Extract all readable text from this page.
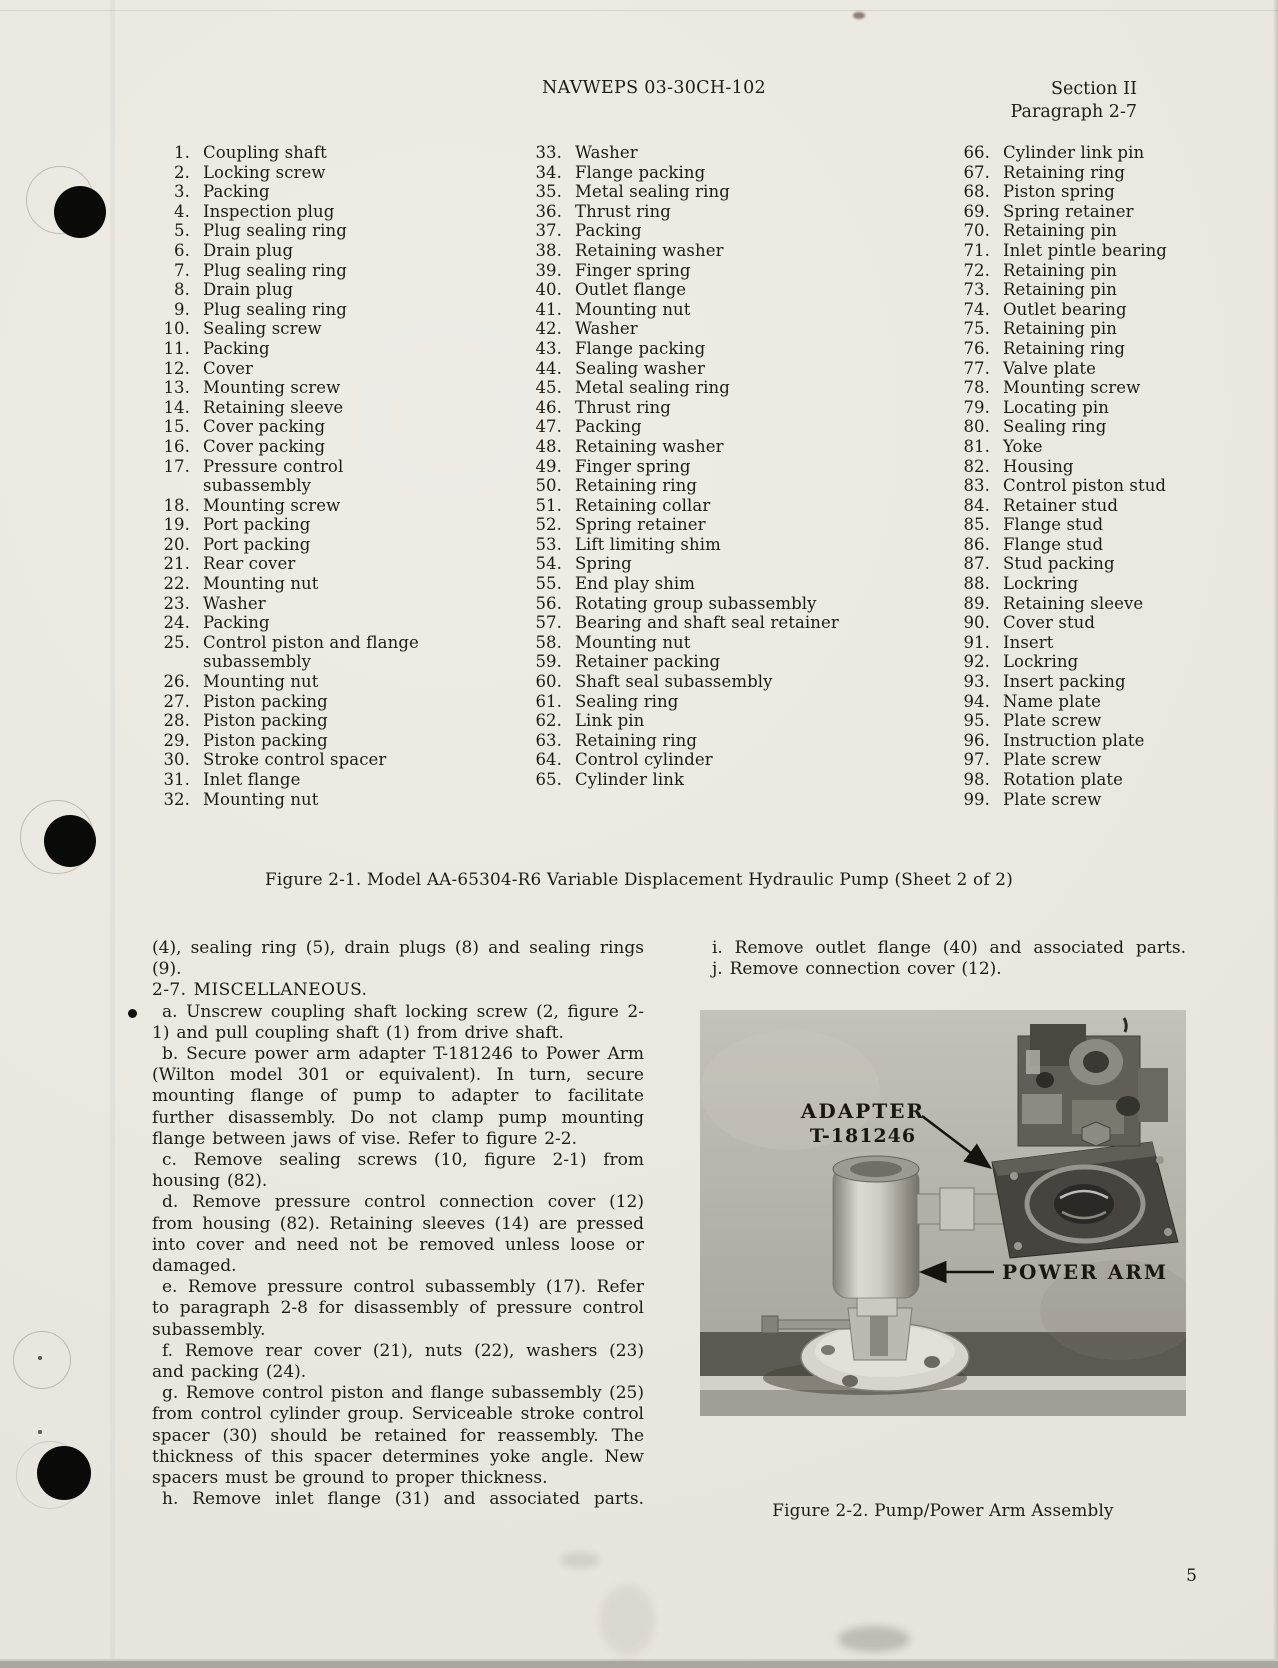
NAVWEPS 03-30CH-102	Section II
Paragraph 2-7
1. Coupling shaft
2. Locking screw
3. Packing
4. Inspection plug
5. Plug sealing ring
6. Drain plug
7. Plug sealing ring
8. Drain plug
9. Plug sealing ring
10. Sealing screw
11. Packing
12. Cover
13. Mounting screw
14. Retaining sleeve
15. Cover packing
16. Cover packing
17. Pressure control
subassembly
18. Mounting screw
19. Port packing
20. Port packing
21. Rear cover
22. Mounting nut
23. Washer
24. Packing
25. Control piston and flange
subassembly
26. Mounting nut
27. Piston packing
28. Piston packing
29. Piston packing
30. Stroke control spacer
31. Inlet flange
32. Mounting nut
33. Washer
34. Flange packing
35. Metal sealing ring
36. Thrust ring
37. Packing
38. Retaining washer
39. Finger spring
40. Outlet flange
41. Mounting nut
42. Washer
43. Flange packing
44. Sealing washer
45. Metal sealing ring
46. Thrust ring
47. Packing
48. Retaining washer
49. Finger spring
50. Retaining ring
51. Retaining collar
52. Spring retainer
53. Lift limiting shim
54. Spring
55. End play shim
56. Rotating group subassembly
57. Bearing and shaft seal retainer
58. Mounting nut
59. Retainer packing
60. Shaft seal subassembly
61. Sealing ring
62. Link pin
63. Retaining ring
64. Control cylinder
65. Cylinder link
66. Cylinder link pin
67. Retaining ring
68. Piston spring
69. Spring retainer
70. Retaining pin
71. Inlet pintle bearing
72. Retaining pin
73. Retaining pin
74. Outlet bearing
75. Retaining pin
76. Retaining ring
77. Valve plate
78. Mounting screw
79. Locating pin
80. Sealing ring
81. Yoke
82. Housing
83. Control piston stud
84. Retainer stud
85. Flange stud
86. Flange stud
87. Stud packing
88. Lockring
89. Retaining sleeve
90. Cover stud
91. Insert
92. Lockring
93. Insert packing
94. Name plate
95. Plate screw
96. Instruction plate
97. Plate screw
98. Rotation plate
99. Plate screw
Figure 2-1. Model AA-65304-R6 Variable Displacement Hydraulic Pump (Sheet 2 of 2)

(4), sealing ring (5), drain plugs (8) and sealing rings (9).

2-7. MISCELLANEOUS.

a. Unscrew coupling shaft locking screw (2, figure 2-1) and pull coupling shaft (1) from drive shaft.

b. Secure power arm adapter T-181246 to Power Arm (Wilton model 301 or equivalent). In turn, secure mounting flange of pump to adapter to facilitate further disassembly. Do not clamp pump mounting flange between jaws of vise. Refer to figure 2-2.

c. Remove sealing screws (10, figure 2-1) from housing (82).

d. Remove pressure control connection cover (12) from housing (82). Retaining sleeves (14) are pressed into cover and need not be removed unless loose or damaged.

e. Remove pressure control subassembly (17). Refer to paragraph 2-8 for disassembly of pressure control subassembly.

f. Remove rear cover (21), nuts (22), washers (23) and packing (24).

g. Remove control piston and flange subassembly (25) from control cylinder group. Serviceable stroke control spacer (30) should be retained for reassembly. The thickness of this spacer determines yoke angle. New spacers must be ground to proper thickness.

h. Remove inlet flange (31) and associated parts.

i. Remove outlet flange (40) and associated parts.

j. Remove connection cover (12).

ADAPTER
T-181246
POWER ARM
Figure 2-2. Pump/Power Arm Assembly
5
